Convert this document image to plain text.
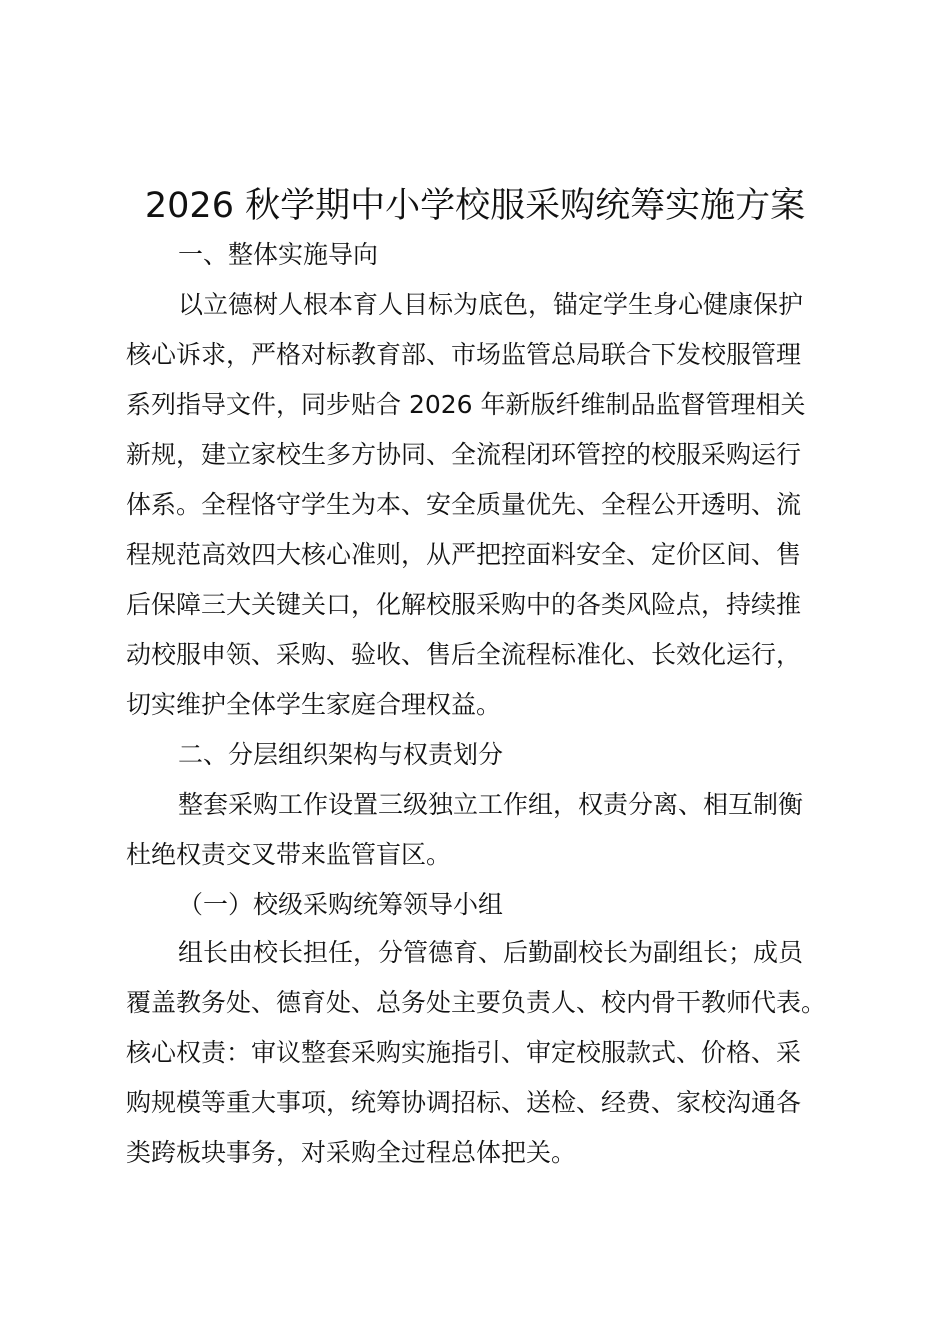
2026 秋学期中小学校服采购统筹实施方案
一、整体实施导向
以立德树人根本育人目标为底色，锚定学生身心健康保护
核心诉求，严格对标教育部、市场监管总局联合下发校服管理
系列指导文件，同步贴合 2026 年新版纤维制品监督管理相关
新规，建立家校生多方协同、全流程闭环管控的校服采购运行
体系。全程恪守学生为本、安全质量优先、全程公开透明、流
程规范高效四大核心准则，从严把控面料安全、定价区间、售
后保障三大关键关口，化解校服采购中的各类风险点，持续推
动校服申领、采购、验收、售后全流程标准化、长效化运行，
切实维护全体学生家庭合理权益。
二、分层组织架构与权责划分
整套采购工作设置三级独立工作组，权责分离、相互制衡
杜绝权责交叉带来监管盲区。
（一）校级采购统筹领导小组
组长由校长担任，分管德育、后勤副校长为副组长；成员
覆盖教务处、德育处、总务处主要负责人、校内骨干教师代表。
核心权责：审议整套采购实施指引、审定校服款式、价格、采
购规模等重大事项，统筹协调招标、送检、经费、家校沟通各
类跨板块事务，对采购全过程总体把关。
